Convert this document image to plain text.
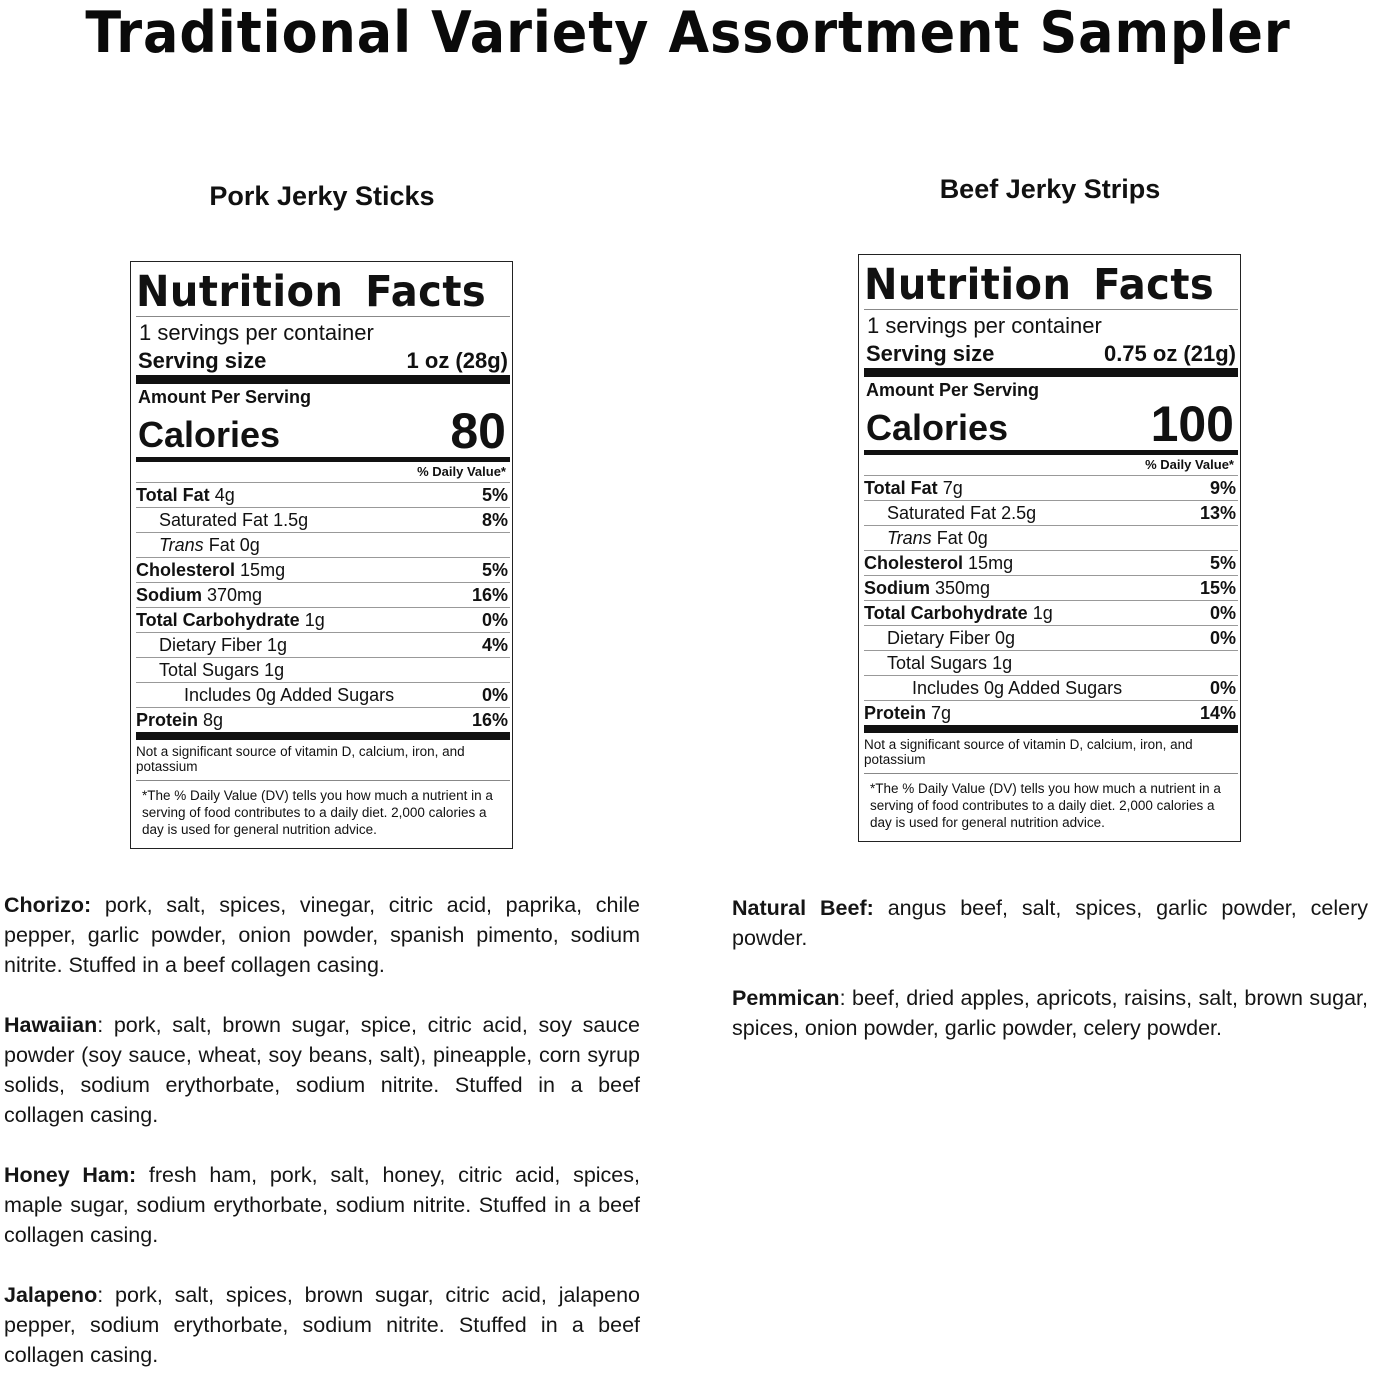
Traditional Variety Assortment Sampler
Pork Jerky Sticks	Beef Jerky Strips
Nutrition Facts
1 servings per container
Serving size	1 oz (28g)
Amount Per Serving
Calories	80
% Daily Value*
Total Fat 4g	5%
Saturated Fat 1.5g	8%
Trans Fat 0g
Cholesterol 15mg	5%
Sodium 370mg	16%
Total Carbohydrate 1g	0%
Dietary Fiber 1g	4%
Total Sugars 1g
Includes 0g Added Sugars	0%
Protein 8g	16%
Not a significant source of vitamin D, calcium, iron, and potassium
*The % Daily Value (DV) tells you how much a nutrient in a serving of food contributes to a daily diet. 2,000 calories a day is used for general nutrition advice.
Nutrition Facts
1 servings per container
Serving size	0.75 oz (21g)
Amount Per Serving
Calories	100
% Daily Value*
Total Fat 7g	9%
Saturated Fat 2.5g	13%
Trans Fat 0g
Cholesterol 15mg	5%
Sodium 350mg	15%
Total Carbohydrate 1g	0%
Dietary Fiber 0g	0%
Total Sugars 1g
Includes 0g Added Sugars	0%
Protein 7g	14%
Not a significant source of vitamin D, calcium, iron, and potassium
*The % Daily Value (DV) tells you how much a nutrient in a serving of food contributes to a daily diet. 2,000 calories a day is used for general nutrition advice.

Chorizo: pork, salt, spices, vinegar, citric acid, paprika, chile pepper, garlic powder, onion powder, spanish pimento, sodium nitrite. Stuffed in a beef collagen casing.

Hawaiian: pork, salt, brown sugar, spice, citric acid, soy sauce powder (soy sauce, wheat, soy beans, salt), pineapple, corn syrup solids, sodium erythorbate, sodium nitrite. Stuffed in a beef collagen casing.

Honey Ham: fresh ham, pork, salt, honey, citric acid, spices, maple sugar, sodium erythorbate, sodium nitrite. Stuffed in a beef collagen casing.

Jalapeno: pork, salt, spices, brown sugar, citric acid, jalapeno pepper, sodium erythorbate, sodium nitrite. Stuffed in a beef collagen casing.

Natural Beef: angus beef, salt, spices, garlic powder, celery powder.

Pemmican: beef, dried apples, apricots, raisins, salt, brown sugar, spices, onion powder, garlic powder, celery powder.
